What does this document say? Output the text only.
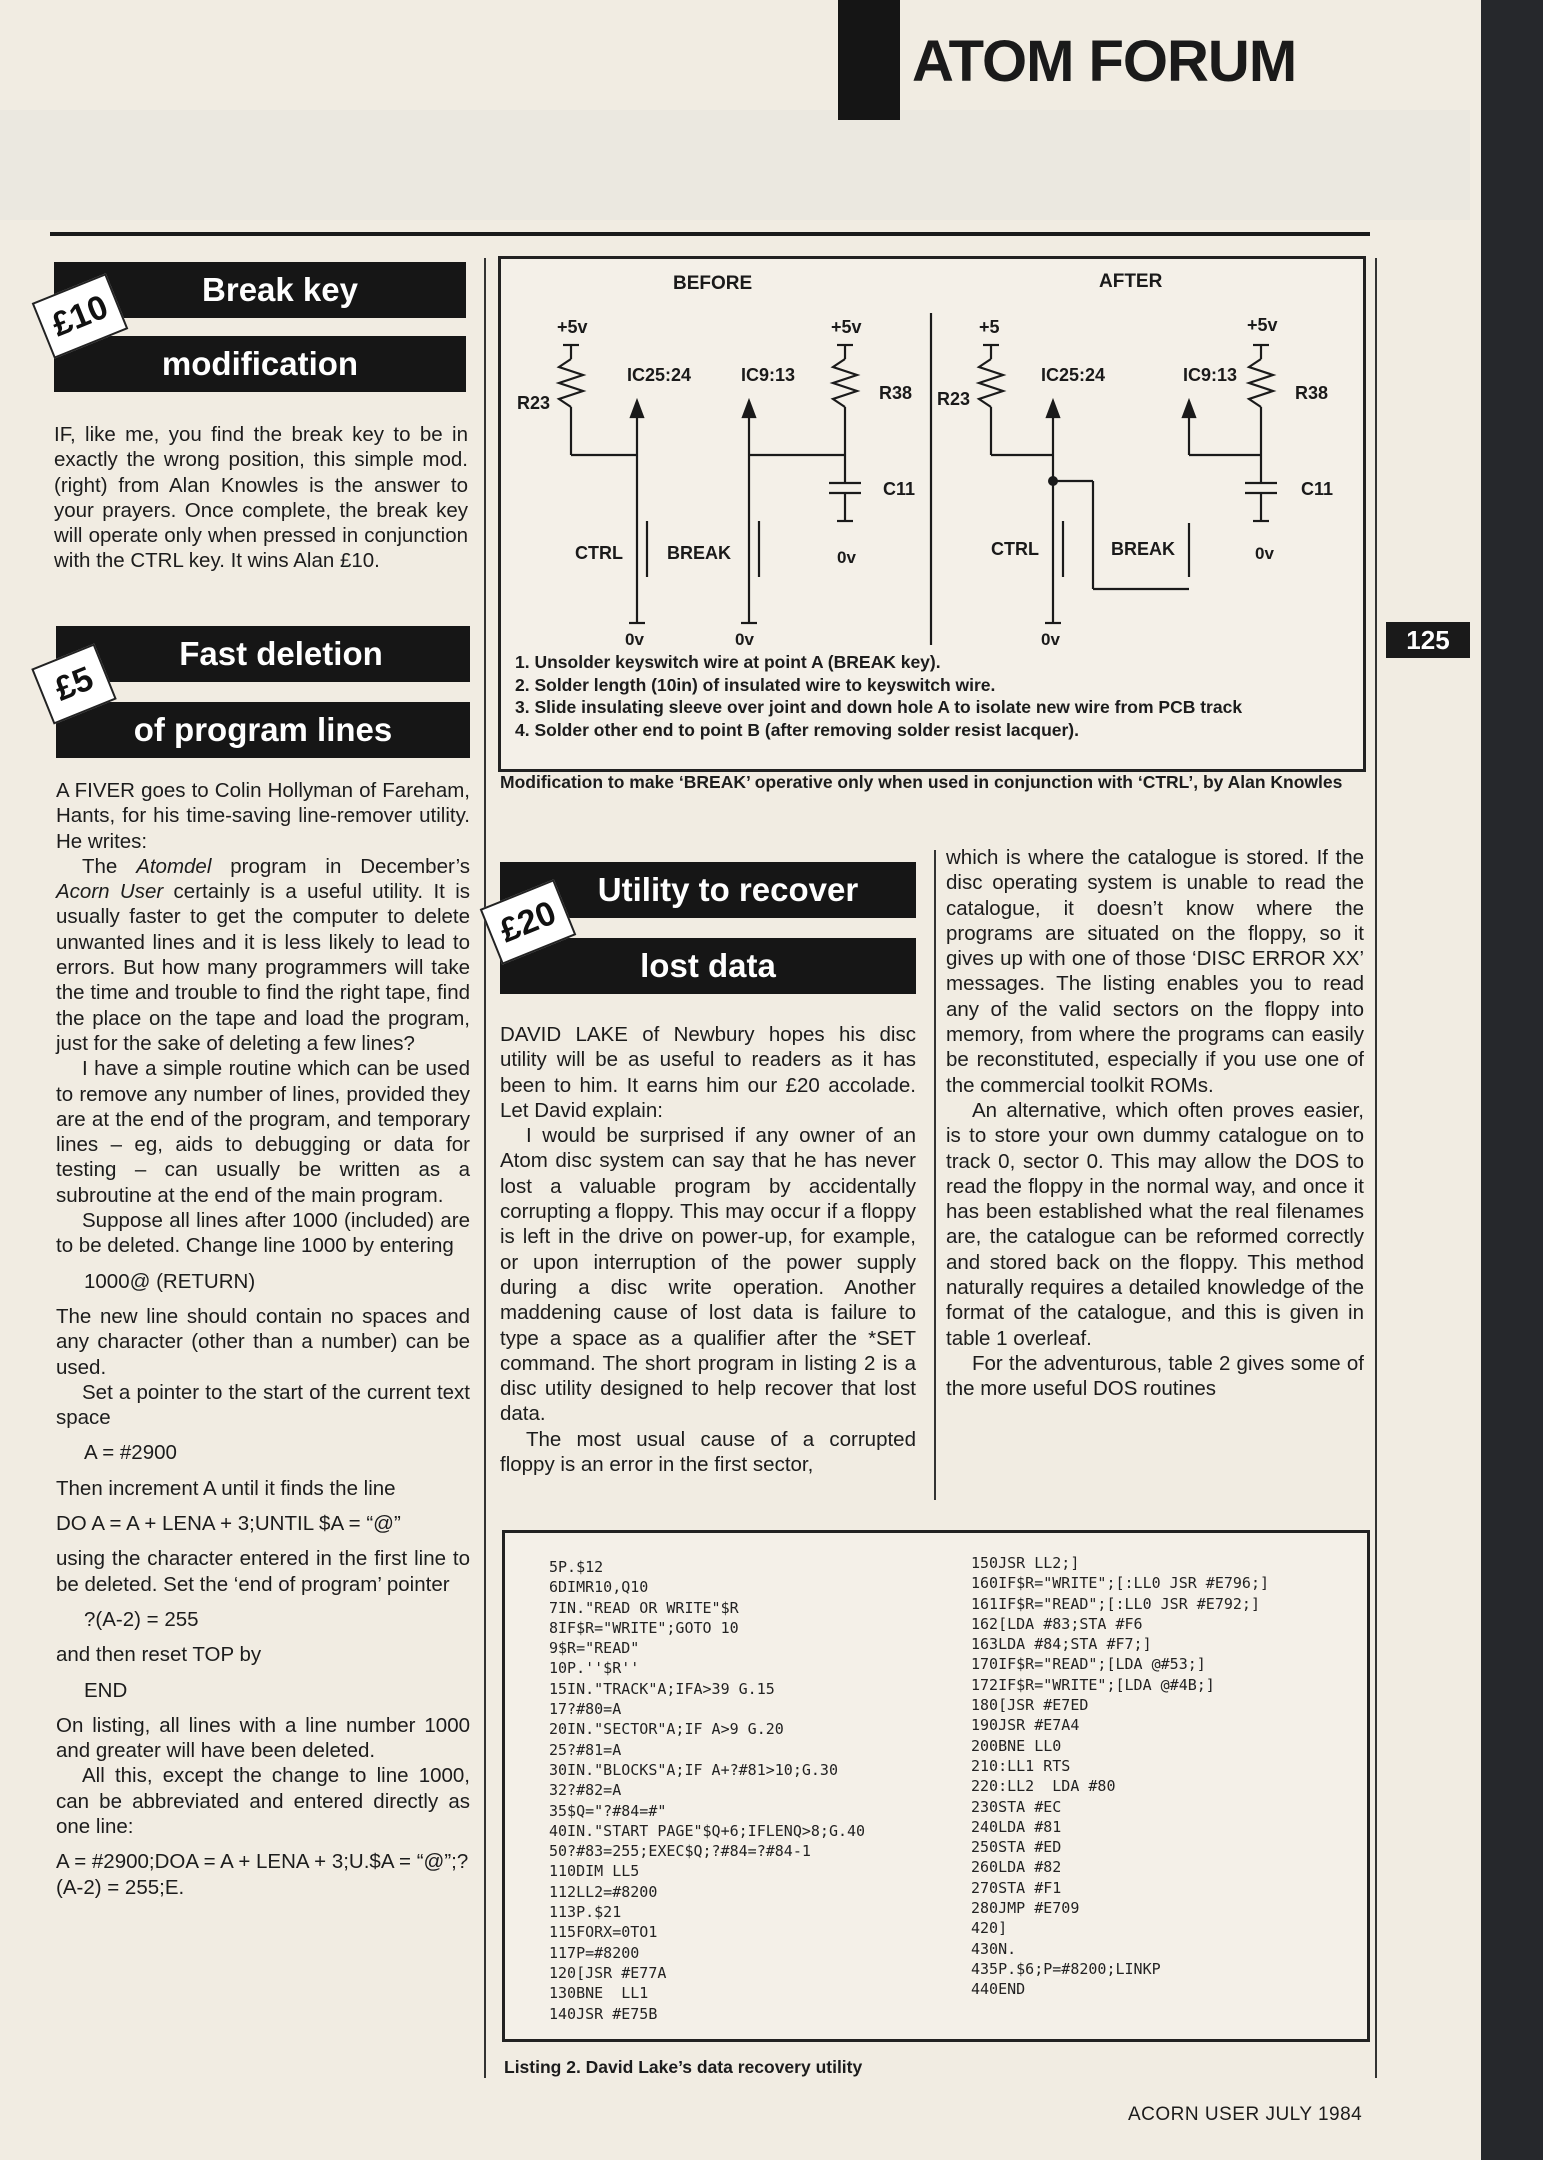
ATOM FORUM
125
Break key
modification
£10

IF, like me, you find the break key to be in exactly the wrong position, this simple mod. (right) from Alan Knowles is the answer to your prayers. Once complete, the break key will operate only when pressed in conjunction with the CTRL key. It wins Alan £10.

Fast deletion
of program lines
£5

A FIVER goes to Colin Hollyman of Fareham, Hants, for his time-saving line-remover utility. He writes:

The Atomdel program in December’s Acorn User certainly is a useful utility. It is usually faster to get the computer to delete unwanted lines and it is less likely to lead to errors. But how many programmers will take the time and trouble to find the right tape, find the place on the tape and load the program, just for the sake of deleting a few lines?

I have a simple routine which can be used to remove any number of lines, provided they are at the end of the program, and temporary lines – eg, aids to debugging or data for testing – can usually be written as a subroutine at the end of the main program.

Suppose all lines after 1000 (included) are to be deleted. Change line 1000 by entering

1000@ (RETURN)

The new line should contain no spaces and any character (other than a number) can be used.

Set a pointer to the start of the current text space

A = #2900

Then increment A until it finds the line

DO A = A + LENA + 3;UNTIL $A = “@”

using the character entered in the first line to be deleted. Set the ‘end of program’ pointer

?(A-2) = 255

and then reset TOP by

END

On listing, all lines with a line number 1000 and greater will have been deleted.

All this, except the change to line 1000, can be abbreviated and entered directly as one line:

A = #2900;DOA = A + LENA + 3;U.$A = “@”;?(A-2) = 255;E.

BEFORE	AFTER
+5v	+5v	+5	+5v
R23	R23
R38	R38
IC25:24	IC25:24
IC9:13	IC9:13
C11	C11
CTRL	CTRL
BREAK	BREAK
0v	0v
0v	0v	0v

1. Unsolder keyswitch wire at point A (BREAK key).

2. Solder length (10in) of insulated wire to keyswitch wire.

3. Slide insulating sleeve over joint and down hole A to isolate new wire from PCB track

4. Solder other end to point B (after removing solder resist lacquer).

Modification to make ‘BREAK’ operative only when used in conjunction with ‘CTRL’, by Alan Knowles
Utility to recover
lost data
£20

DAVID LAKE of Newbury hopes his disc utility will be as useful to readers as it has been to him. It earns him our £20 accolade. Let David explain:

I would be surprised if any owner of an Atom disc system can say that he has never lost a valuable program by accidentally corrupting a floppy. This may occur if a floppy is left in the drive on power-up, for example, or upon interruption of the power supply during a disc write operation. Another maddening cause of lost data is failure to type a space as a qualifier after the *SET command. The short program in listing 2 is a disc utility designed to help recover that lost data.

The most usual cause of a corrupted floppy is an error in the first sector,

which is where the catalogue is stored. If the disc operating system is unable to read the catalogue, it doesn’t know where the programs are situated on the floppy, so it gives up with one of those ‘DISC ERROR XX’ messages. The listing enables you to read any of the valid sectors on the floppy into memory, from where the programs can easily be reconstituted, especially if you use one of the commercial toolkit ROMs.

An alternative, which often proves easier, is to store your own dummy catalogue on to track 0, sector 0. This may allow the DOS to read the floppy in the normal way, and once it has been established what the real filenames are, the catalogue can be reformed correctly and stored back on the floppy. This method naturally requires a detailed knowledge of the format of the catalogue, and this is given in table 1 overleaf.

For the adventurous, table 2 gives some of the more useful DOS routines

5P.$12
6DIMR10,Q10
7IN."READ OR WRITE"$R
8IF$R="WRITE";GOTO 10
9$R="READ"
10P.''$R''
15IN."TRACK"A;IFA>39 G.15
17?#80=A
20IN."SECTOR"A;IF A>9 G.20
25?#81=A
30IN."BLOCKS"A;IF A+?#81>10;G.30
32?#82=A
35$Q="?#84=#"
40IN."START PAGE"$Q+6;IFLENQ>8;G.40
50?#83=255;EXEC$Q;?#84=?#84-1
110DIM LL5
112LL2=#8200
113P.$21
115FORX=0TO1
117P=#8200
120[JSR #E77A
130BNE  LL1
140JSR #E75B
150JSR LL2;]
160IF$R="WRITE";[:LL0 JSR #E796;]
161IF$R="READ";[:LL0 JSR #E792;]
162[LDA #83;STA #F6
163LDA #84;STA #F7;]
170IF$R="READ";[LDA @#53;]
172IF$R="WRITE";[LDA @#4B;]
180[JSR #E7ED
190JSR #E7A4
200BNE LL0
210:LL1 RTS
220:LL2  LDA #80
230STA #EC
240LDA #81
250STA #ED
260LDA #82
270STA #F1
280JMP #E709
420]
430N.
435P.$6;P=#8200;LINKP
440END
Listing 2. David Lake’s data recovery utility
ACORN USER JULY 1984
